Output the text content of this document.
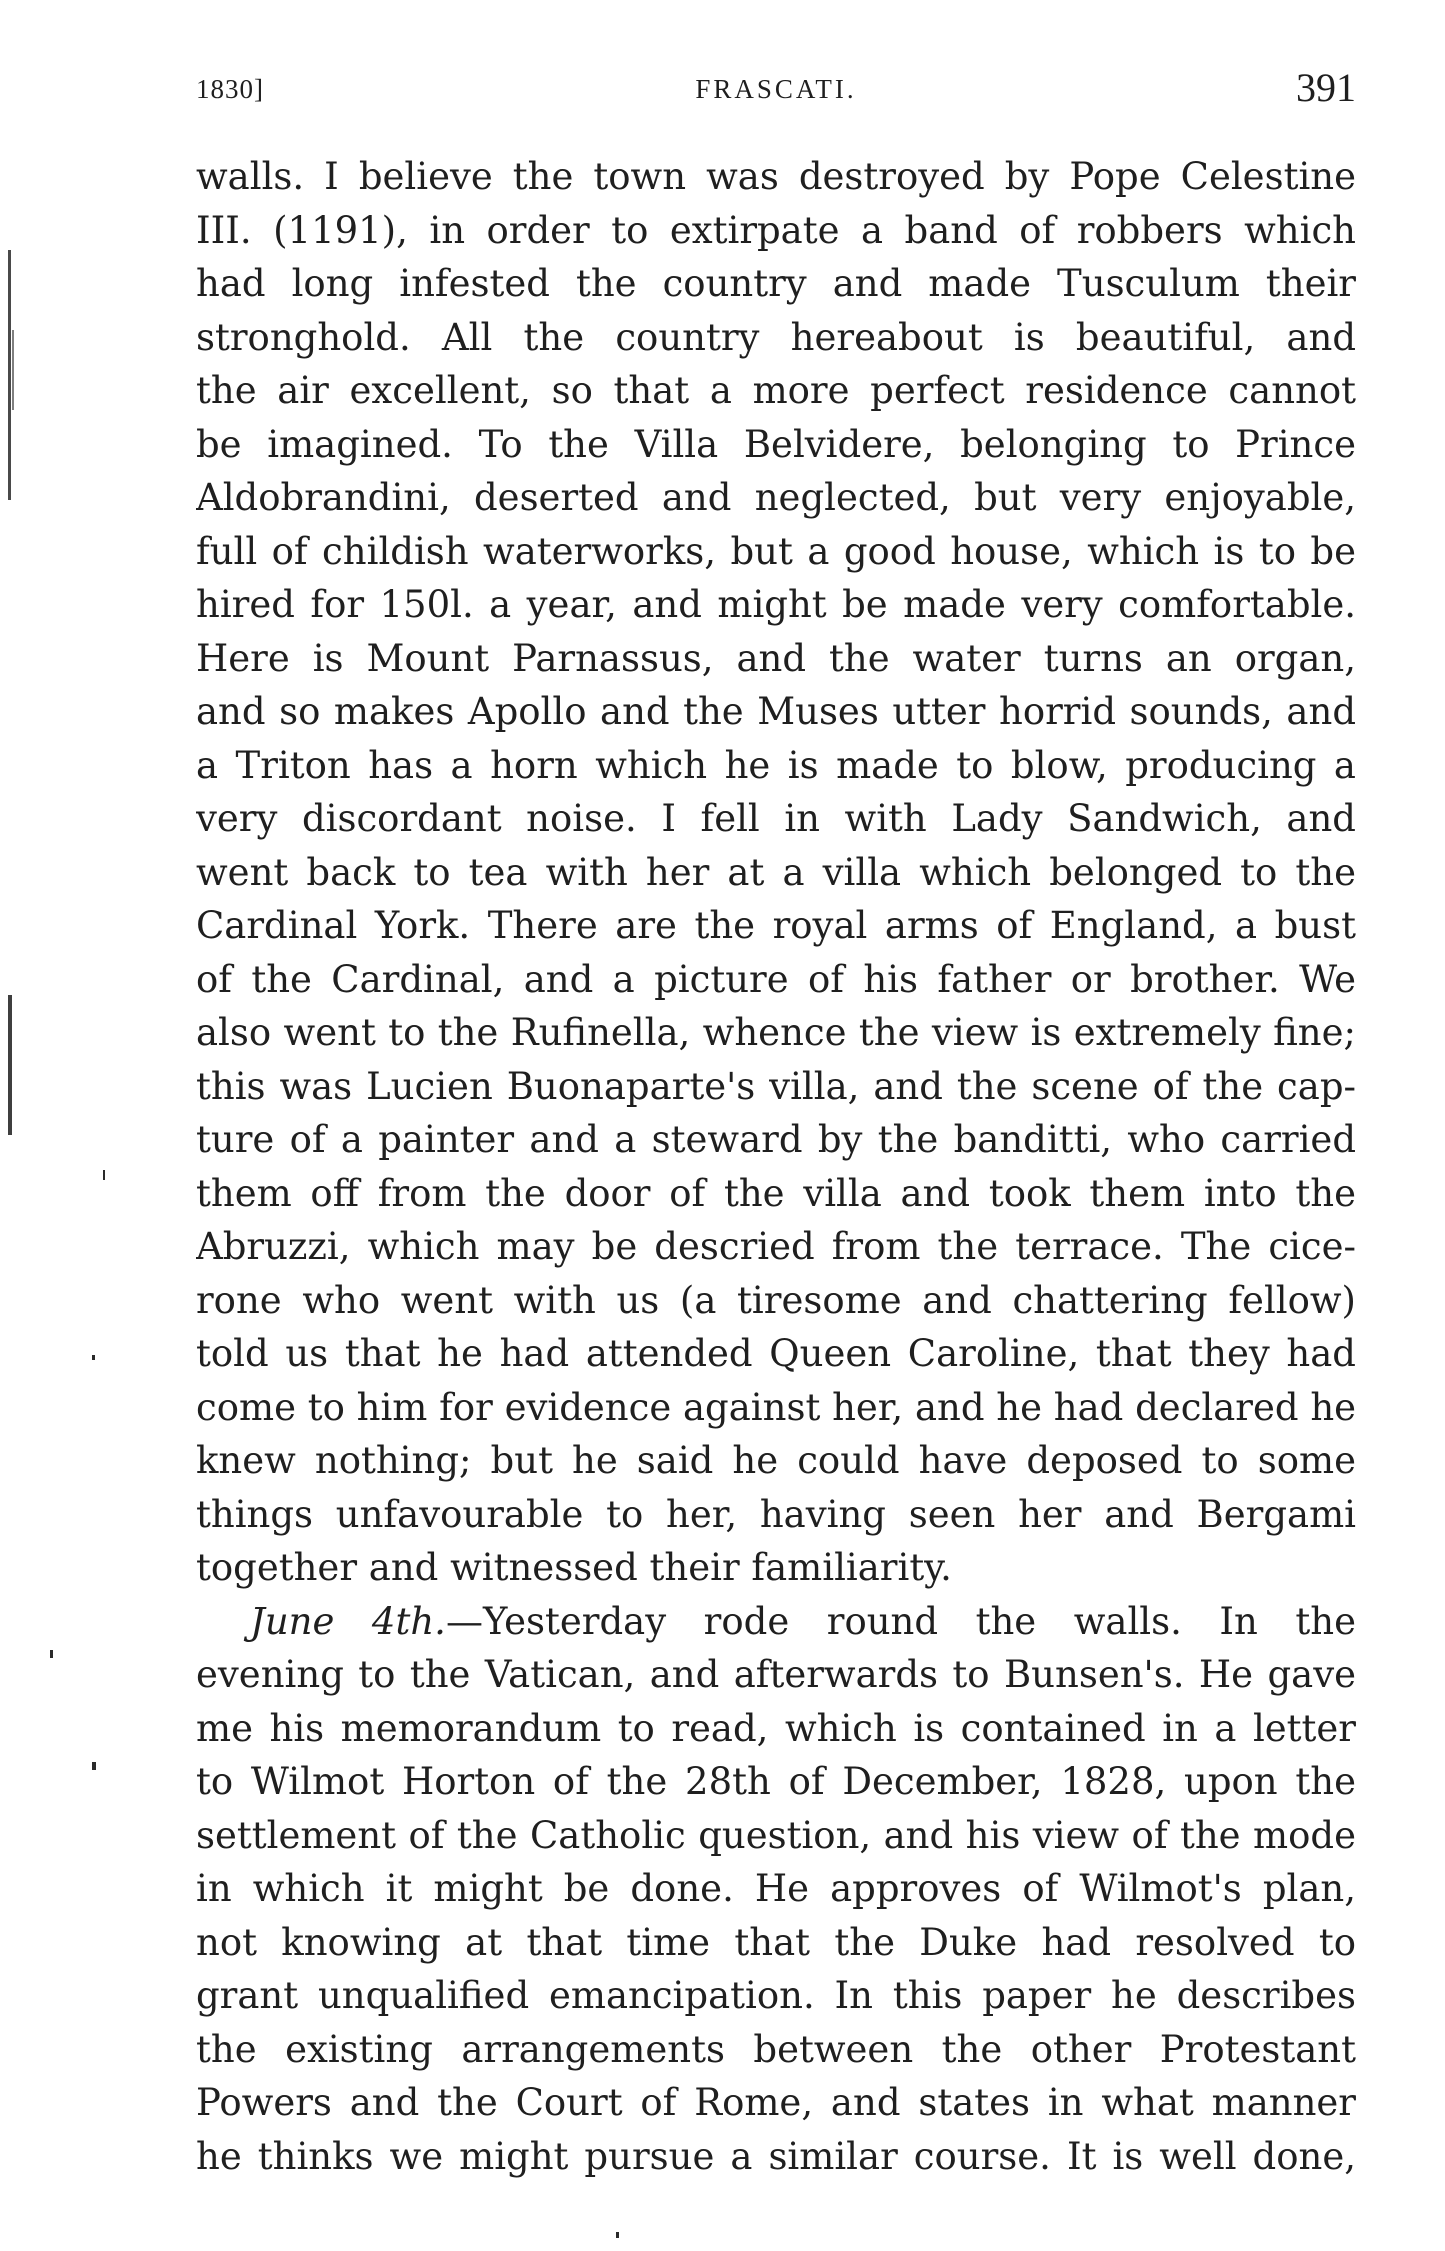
1830]	FRASCATI.	391
walls. I believe the town was destroyed by Pope Celestine
III. (1191), in order to extirpate a band of robbers which
had long infested the country and made Tusculum their
stronghold. All the country hereabout is beautiful, and
the air excellent, so that a more perfect residence cannot
be imagined. To the Villa Belvidere, belonging to Prince
Aldobrandini, deserted and neglected, but very enjoyable,
full of childish waterworks, but a good house, which is to be
hired for 150l. a year, and might be made very comfortable.
Here is Mount Parnassus, and the water turns an organ,
and so makes Apollo and the Muses utter horrid sounds, and
a Triton has a horn which he is made to blow, producing a
very discordant noise. I fell in with Lady Sandwich, and
went back to tea with her at a villa which belonged to the
Cardinal York. There are the royal arms of England, a bust
of the Cardinal, and a picture of his father or brother. We
also went to the Rufinella, whence the view is extremely fine;
this was Lucien Buonaparte's villa, and the scene of the cap-
ture of a painter and a steward by the banditti, who carried
them off from the door of the villa and took them into the
Abruzzi, which may be descried from the terrace. The cice-
rone who went with us (a tiresome and chattering fellow)
told us that he had attended Queen Caroline, that they had
come to him for evidence against her, and he had declared he
knew nothing; but he said he could have deposed to some
things unfavourable to her, having seen her and Bergami
together and witnessed their familiarity.
June 4th.—Yesterday rode round the walls. In the
evening to the Vatican, and afterwards to Bunsen's. He gave
me his memorandum to read, which is contained in a letter
to Wilmot Horton of the 28th of December, 1828, upon the
settlement of the Catholic question, and his view of the mode
in which it might be done. He approves of Wilmot's plan,
not knowing at that time that the Duke had resolved to
grant unqualified emancipation. In this paper he describes
the existing arrangements between the other Protestant
Powers and the Court of Rome, and states in what manner
he thinks we might pursue a similar course. It is well done,
